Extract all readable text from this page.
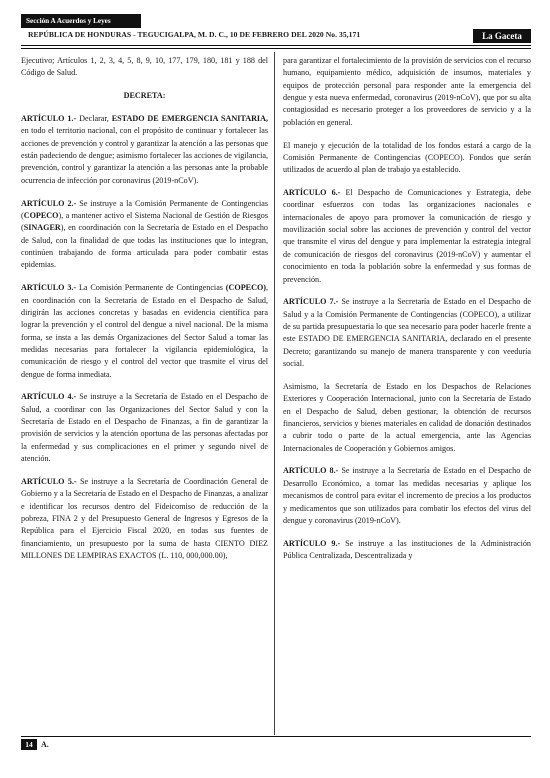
Sección A Acuerdos y Leyes
REPÚBLICA DE HONDURAS - TEGUCIGALPA, M. D. C., 10 DE FEBRERO DEL 2020 No. 35,171	La Gaceta

Ejecutivo; Artículos 1, 2, 3, 4, 5, 8, 9, 10, 177, 179, 180, 181 y 188 del Código de Salud.

DECRETA:

ARTÍCULO 1.- Declarar, ESTADO DE EMERGENCIA SANITARIA, en todo el territorio nacional, con el propósito de continuar y fortalecer las acciones de prevención y control y garantizar la atención a las personas que están padeciendo de dengue; asimismo fortalecer las acciones de vigilancia, prevención, control y garantizar la atención a las personas ante la probable ocurrencia de infección por coronavirus (2019-nCoV).

ARTÍCULO 2.- Se instruye a la Comisión Permanente de Contingencias (COPECO), a mantener activo el Sistema Nacional de Gestión de Riesgos (SINAGER), en coordinación con la Secretaría de Estado en el Despacho de Salud, con la finalidad de que todas las instituciones que lo integran, continúen trabajando de forma articulada para poder combatir estas epidemias.

ARTÍCULO 3.- La Comisión Permanente de Contingencias (COPECO), en coordinación con la Secretaría de Estado en el Despacho de Salud, dirigirán las acciones concretas y basadas en evidencia científica para lograr la prevención y el control del dengue a nivel nacional. De la misma forma, se insta a las demás Organizaciones del Sector Salud a tomar las medidas necesarias para fortalecer la vigilancia epidemiológica, la comunicación de riesgo y el control del vector que trasmite el virus del dengue de forma inmediata.

ARTÍCULO 4.- Se instruye a la Secretaría de Estado en el Despacho de Salud, a coordinar con las Organizaciones del Sector Salud y con la Secretaría de Estado en el Despacho de Finanzas, a fin de garantizar la provisión de servicios y la atención oportuna de las personas afectadas por la enfermedad y sus complicaciones en el primer y segundo nivel de atención.

ARTÍCULO 5.- Se instruye a la Secretaría de Coordinación General de Gobierno y a la Secretaría de Estado en el Despacho de Finanzas, a analizar e identificar los recursos dentro del Fideicomiso de reducción de la pobreza, FINA 2 y del Presupuesto General de Ingresos y Egresos de la República para el Ejercicio Fiscal 2020, en todas sus fuentes de financiamiento, un presupuesto por la suma de hasta CIENTO DIEZ MILLONES DE LEMPIRAS EXACTOS (L. 110, 000,000.00),

para garantizar el fortalecimiento de la provisión de servicios con el recurso humano, equipamiento médico, adquisición de insumos, materiales y equipos de protección personal para responder ante la emergencia del dengue y esta nueva enfermedad, coronavirus (2019-nCoV), que por su alta contagiosidad es necesario proteger a los proveedores de servicio y a la población en general.

El manejo y ejecución de la totalidad de los fondos estará a cargo de la Comisión Permanente de Contingencias (COPECO). Fondos que serán utilizados de acuerdo al plan de trabajo ya establecido.

ARTÍCULO 6.- El Despacho de Comunicaciones y Estrategia, debe coordinar esfuerzos con todas las organizaciones nacionales e internacionales de apoyo para promover la comunicación de riesgo y movilización social sobre las acciones de prevención y control del vector que transmite el virus del dengue y para implementar la estrategia integral de comunicación de riesgos del coronavirus (2019-nCoV) y aumentar el conocimiento en toda la población sobre la enfermedad y sus formas de prevención.

ARTÍCULO 7.- Se instruye a la Secretaría de Estado en el Despacho de Salud y a la Comisión Permanente de Contingencias (COPECO), a utilizar de su partida presupuestaria lo que sea necesario para poder hacerle frente a este ESTADO DE EMERGENCIA SANITARIA, declarado en el presente Decreto; garantizando su manejo de manera transparente y con veeduría social.

Asimismo, la Secretaría de Estado en los Despachos de Relaciones Exteriores y Cooperación Internacional, junto con la Secretaría de Estado en el Despacho de Salud, deben gestionar, la obtención de recursos financieros, servicios y bienes materiales en calidad de donación destinados a cubrir todo o parte de la actual emergencia, ante las Agencias Internacionales de Cooperación y Gobiernos amigos.

ARTÍCULO 8.- Se instruye a la Secretaría de Estado en el Despacho de Desarrollo Económico, a tomar las medidas necesarias y aplique los mecanismos de control para evitar el incremento de precios a los productos y medicamentos que son utilizados para combatir los efectos del virus del dengue y coronavirus (2019-nCoV).

ARTÍCULO 9.- Se instruye a las instituciones de la Administración Pública Centralizada, Descentralizada y

14	A.
